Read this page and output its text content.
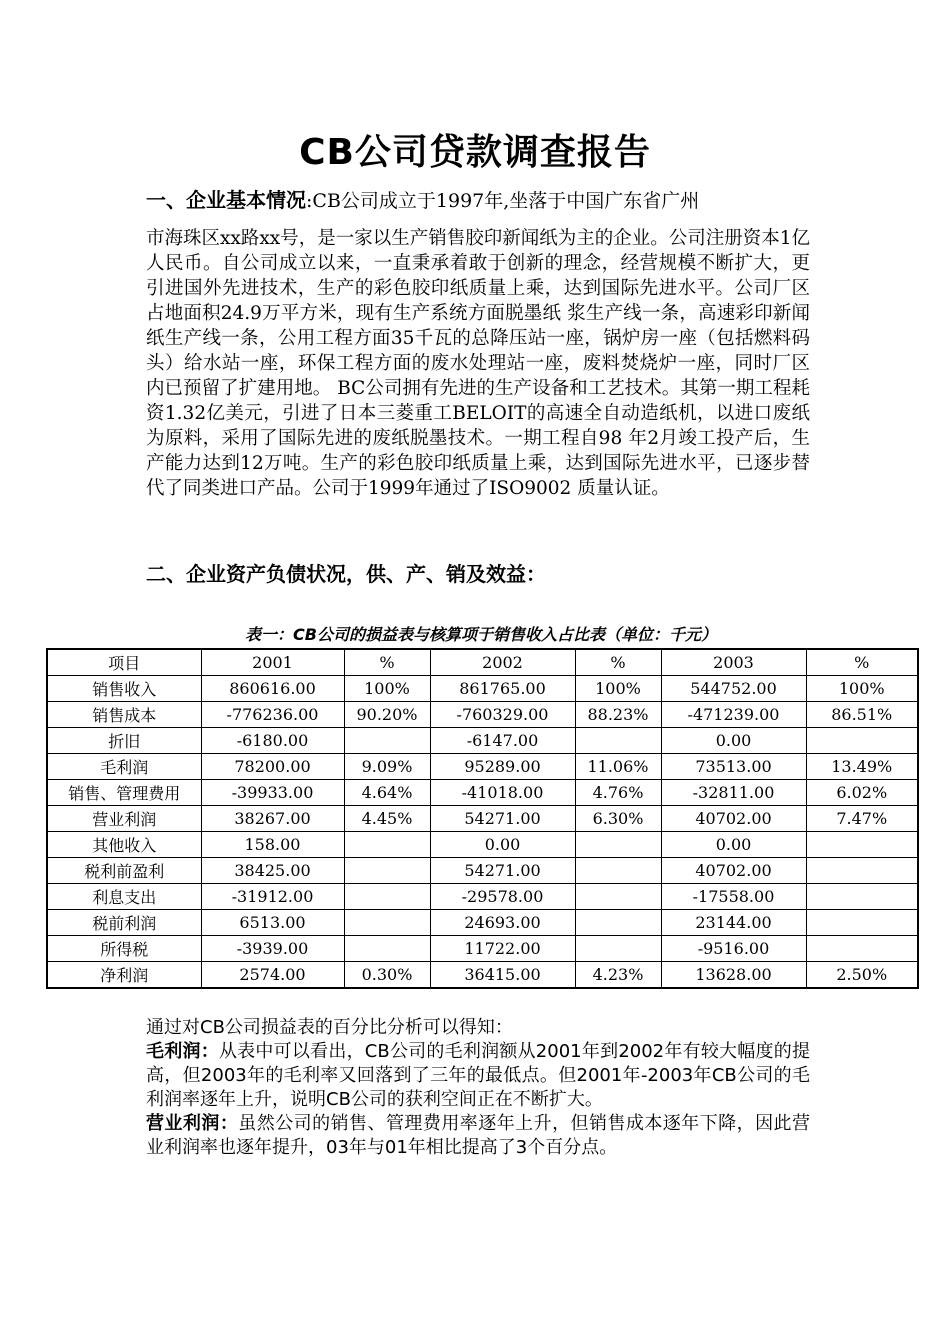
CB公司贷款调查报告
一、企业基本情况:CB公司成立于1997年,坐落于中国广东省广州
市海珠区xx路xx号，是一家以生产销售胶印新闻纸为主的企业。公司注册资本1亿人民币。自公司成立以来，一直秉承着敢于创新的理念，经营规模不断扩大，更引进国外先进技术，生产的彩色胶印纸质量上乘，达到国际先进水平。公司厂区占地面积24.9万平方米，现有生产系统方面脱墨纸 浆生产线一条，高速彩印新闻纸生产线一条，公用工程方面35千瓦的总降压站一座，锅炉房一座（包括燃料码头）给水站一座，环保工程方面的废水处理站一座，废料焚烧炉一座，同时厂区内已预留了扩建用地。 BC公司拥有先进的生产设备和工艺技术。其第一期工程耗资1.32亿美元，引进了日本三菱重工BELOIT的高速全自动造纸机，以进口废纸为原料，采用了国际先进的废纸脱墨技术。一期工程自98 年2月竣工投产后，生产能力达到12万吨。生产的彩色胶印纸质量上乘，达到国际先进水平，已逐步替代了同类进口产品。公司于1999年通过了ISO9002 质量认证。
二、企业资产负债状况，供、产、销及效益：
表一：CB公司的损益表与核算项于销售收入占比表（单位：千元）
项目	2001	%	2002	%	2003	%
销售收入	860616.00	100%	861765.00	100%	544752.00	100%
销售成本	-776236.00	90.20%	-760329.00	88.23%	-471239.00	86.51%
折旧	-6180.00		-6147.00		0.00	
毛利润	78200.00	9.09%	95289.00	11.06%	73513.00	13.49%
销售、管理费用	-39933.00	4.64%	-41018.00	4.76%	-32811.00	6.02%
营业利润	38267.00	4.45%	54271.00	6.30%	40702.00	7.47%
其他收入	158.00		0.00		0.00	
税利前盈利	38425.00		54271.00		40702.00	
利息支出	-31912.00		-29578.00		-17558.00	
税前利润	6513.00		24693.00		23144.00	
所得税	-3939.00		11722.00		-9516.00	
净利润	2574.00	0.30%	36415.00	4.23%	13628.00	2.50%

通过对CB公司损益表的百分比分析可以得知：

毛利润：从表中可以看出，CB公司的毛利润额从2001年到2002年有较大幅度的提高，但2003年的毛利率又回落到了三年的最低点。但2001年-2003年CB公司的毛利润率逐年上升，说明CB公司的获利空间正在不断扩大。

营业利润：虽然公司的销售、管理费用率逐年上升，但销售成本逐年下降，因此营业利润率也逐年提升，03年与01年相比提高了3个百分点。
